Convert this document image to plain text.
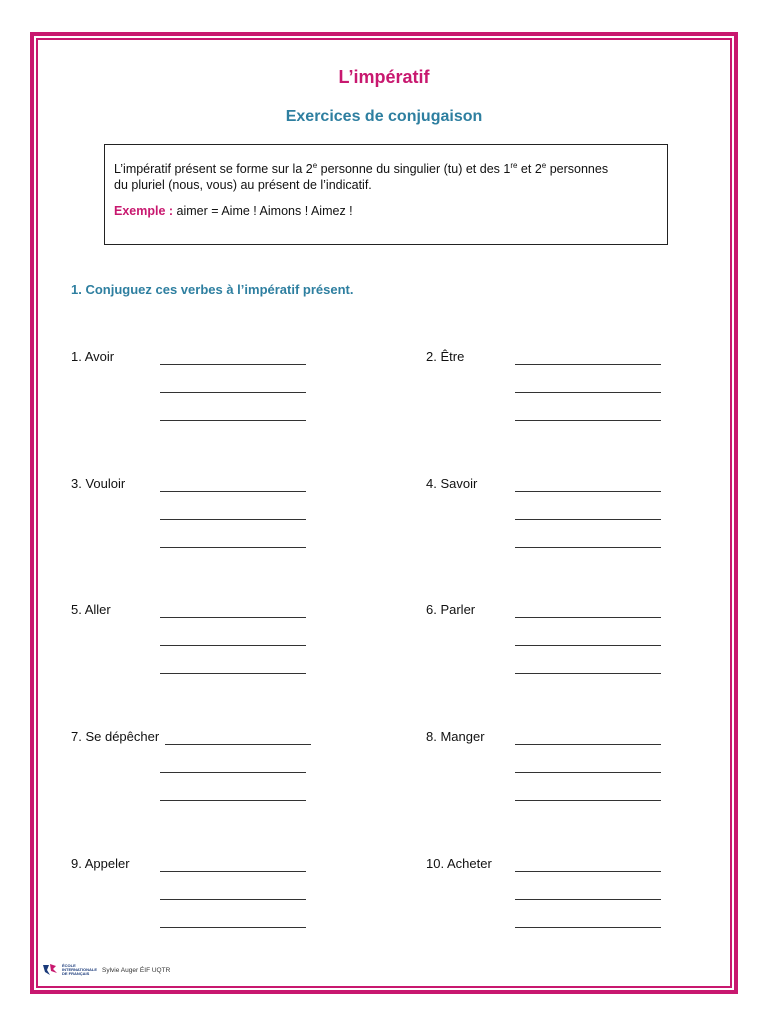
L’impératif
Exercices de conjugaison

L’impératif présent se forme sur la 2e personne du singulier (tu) et des 1re et 2e personnes
du pluriel (nous, vous) au présent de l’indicatif.

Exemple : aimer = Aime ! Aimons ! Aimez !

1. Conjuguez ces verbes à l’impératif présent.
1. Avoir	2. Être
3. Vouloir	4. Savoir
5. Aller	6. Parler
7. Se dépêcher	8. Manger
9. Appeler	10. Acheter
ÉCOLE INTERNATIONALE DE FRANÇAIS	Sylvie Auger ÉIF UQTR
